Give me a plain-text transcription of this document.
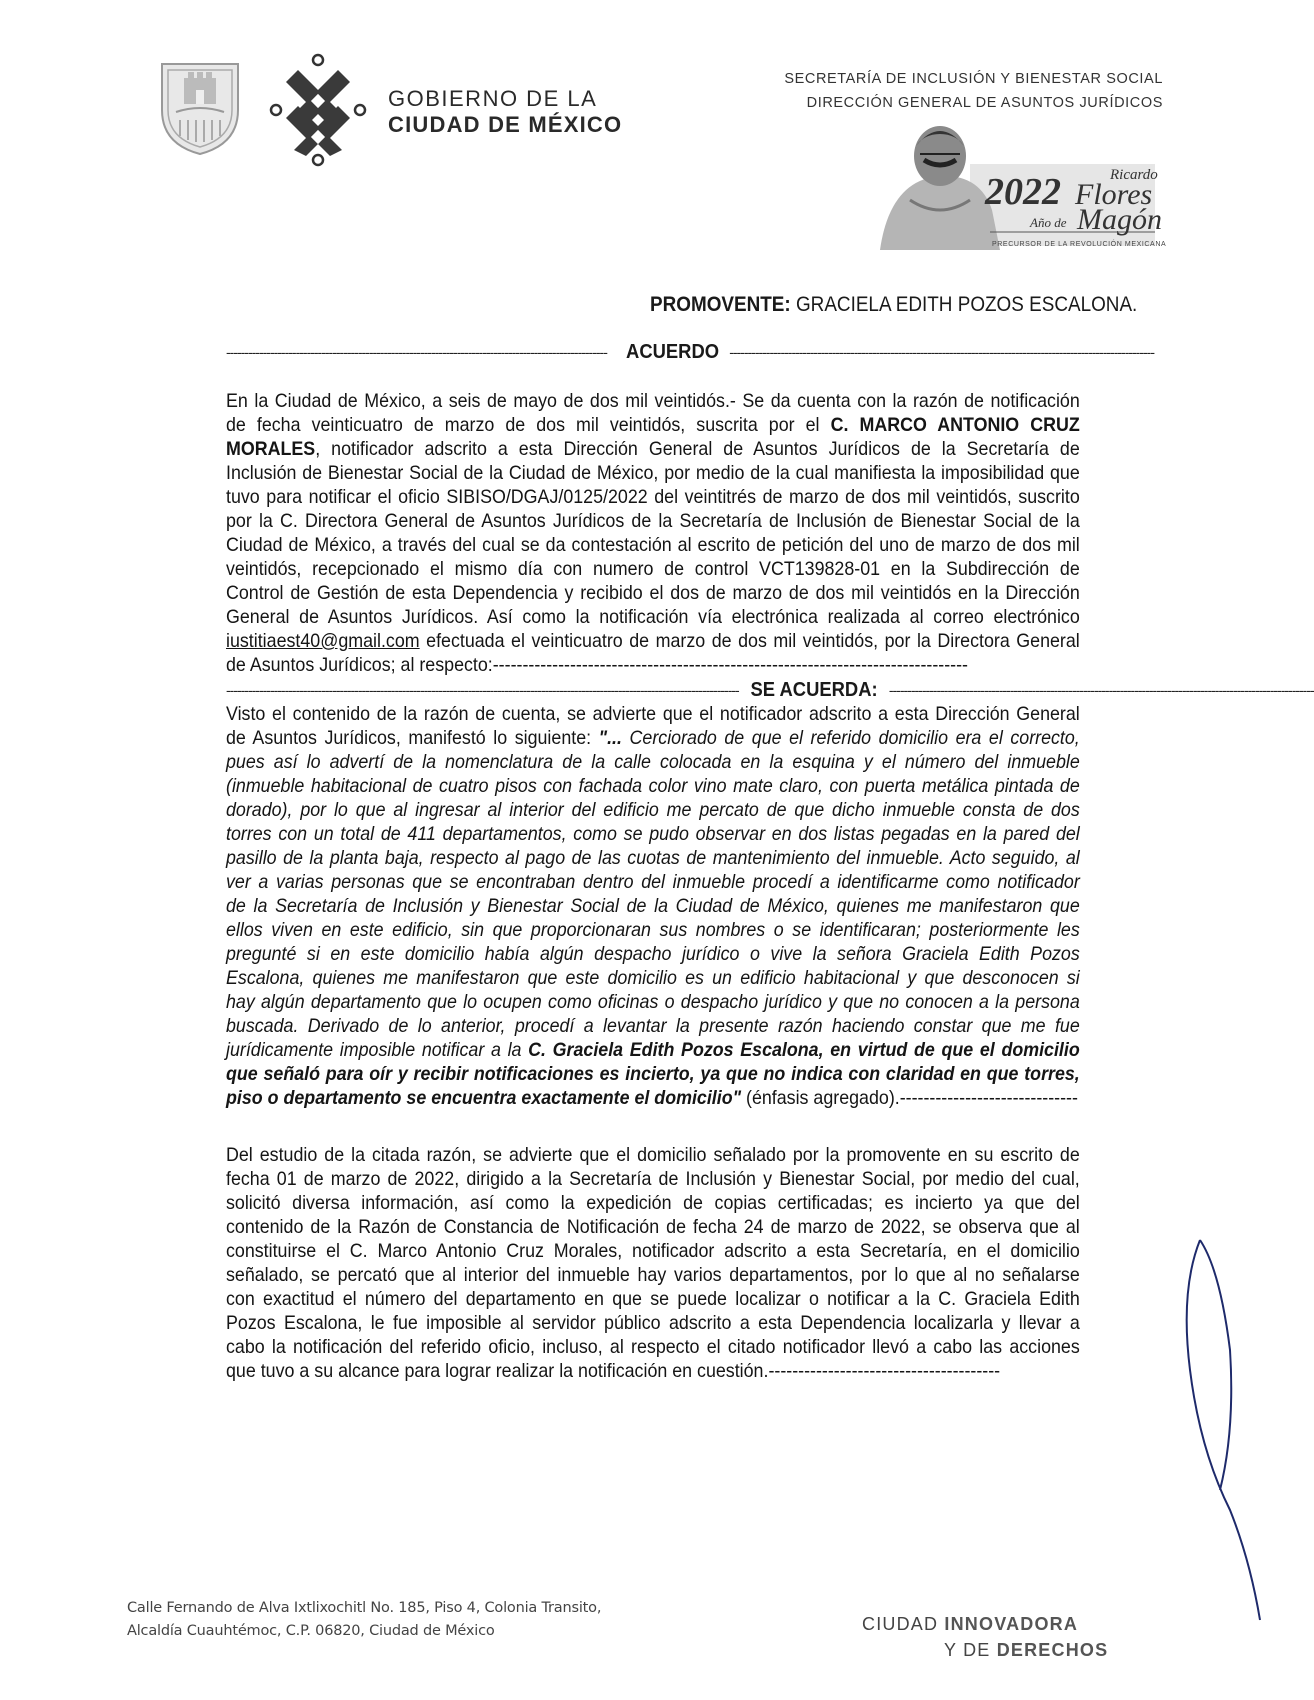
GOBIERNO DE LA
CIUDAD DE MÉXICO
SECRETARÍA DE INCLUSIÓN Y BIENESTAR SOCIAL
DIRECCIÓN GENERAL DE ASUNTOS JURÍDICOS
2022	Ricardo
Flores
Año de Magón
PRECURSOR DE LA REVOLUCIÓN MEXICANA
PROMOVENTE: GRACIELA EDITH POZOS ESCALONA.
-------------------------------------------------------------------------------------------------------- ACUERDO --------------------------------------------------------------------------------------------------------------------
En la Ciudad de México, a seis de mayo de dos mil veintidós.- Se da cuenta con la razón de notificación
de fecha veinticuatro de marzo de dos mil veintidós, suscrita por el C. MARCO ANTONIO CRUZ
MORALES, notificador adscrito a esta Dirección General de Asuntos Jurídicos de la Secretaría de
Inclusión de Bienestar Social de la Ciudad de México, por medio de la cual manifiesta la imposibilidad que
tuvo para notificar el oficio SIBISO/DGAJ/0125/2022 del veintitrés de marzo de dos mil veintidós, suscrito
por la C. Directora General de Asuntos Jurídicos de la Secretaría de Inclusión de Bienestar Social de la
Ciudad de México, a través del cual se da contestación al escrito de petición del uno de marzo de dos mil
veintidós, recepcionado el mismo día con numero de control VCT139828-01 en la Subdirección de
Control de Gestión de esta Dependencia y recibido el dos de marzo de dos mil veintidós en la Dirección
General de Asuntos Jurídicos. Así como la notificación vía electrónica realizada al correo electrónico
iustitiaest40@gmail.com efectuada el veinticuatro de marzo de dos mil veintidós, por la Directora General
de Asuntos Jurídicos; al respecto:--------------------------------------------------------------------------------
-------------------------------------------------------------------------------------------------------------------------------------------- SE ACUERDA: --------------------------------------------------------------------------------------------------------------------
Visto el contenido de la razón de cuenta, se advierte que el notificador adscrito a esta Dirección General
de Asuntos Jurídicos, manifestó lo siguiente: "... Cerciorado de que el referido domicilio era el correcto,
pues así lo advertí de la nomenclatura de la calle colocada en la esquina y el número del inmueble
(inmueble habitacional de cuatro pisos con fachada color vino mate claro, con puerta metálica pintada de
dorado), por lo que al ingresar al interior del edificio me percato de que dicho inmueble consta de dos
torres con un total de 411 departamentos, como se pudo observar en dos listas pegadas en la pared del
pasillo de la planta baja, respecto al pago de las cuotas de mantenimiento del inmueble. Acto seguido, al
ver a varias personas que se encontraban dentro del inmueble procedí a identificarme como notificador
de la Secretaría de Inclusión y Bienestar Social de la Ciudad de México, quienes me manifestaron que
ellos viven en este edificio, sin que proporcionaran sus nombres o se identificaran; posteriormente les
pregunté si en este domicilio había algún despacho jurídico o vive la señora Graciela Edith Pozos
Escalona, quienes me manifestaron que este domicilio es un edificio habitacional y que desconocen si
hay algún departamento que lo ocupen como oficinas o despacho jurídico y que no conocen a la persona
buscada. Derivado de lo anterior, procedí a levantar la presente razón haciendo constar que me fue
jurídicamente imposible notificar a la C. Graciela Edith Pozos Escalona, en virtud de que el domicilio
que señaló para oír y recibir notificaciones es incierto, ya que no indica con claridad en que torres,
piso o departamento se encuentra exactamente el domicilio" (énfasis agregado).------------------------------
Del estudio de la citada razón, se advierte que el domicilio señalado por la promovente en su escrito de
fecha 01 de marzo de 2022, dirigido a la Secretaría de Inclusión y Bienestar Social, por medio del cual,
solicitó diversa información, así como la expedición de copias certificadas; es incierto ya que del
contenido de la Razón de Constancia de Notificación de fecha 24 de marzo de 2022, se observa que al
constituirse el C. Marco Antonio Cruz Morales, notificador adscrito a esta Secretaría, en el domicilio
señalado, se percató que al interior del inmueble hay varios departamentos, por lo que al no señalarse
con exactitud el número del departamento en que se puede localizar o notificar a la C. Graciela Edith
Pozos Escalona, le fue imposible al servidor público adscrito a esta Dependencia localizarla y llevar a
cabo la notificación del referido oficio, incluso, al respecto el citado notificador llevó a cabo las acciones
que tuvo a su alcance para lograr realizar la notificación en cuestión.---------------------------------------
Calle Fernando de Alva Ixtlixochitl No. 185, Piso 4, Colonia Transito,
Alcaldía Cuauhtémoc, C.P. 06820, Ciudad de México	CIUDAD INNOVADORA
Y DE DERECHOS
